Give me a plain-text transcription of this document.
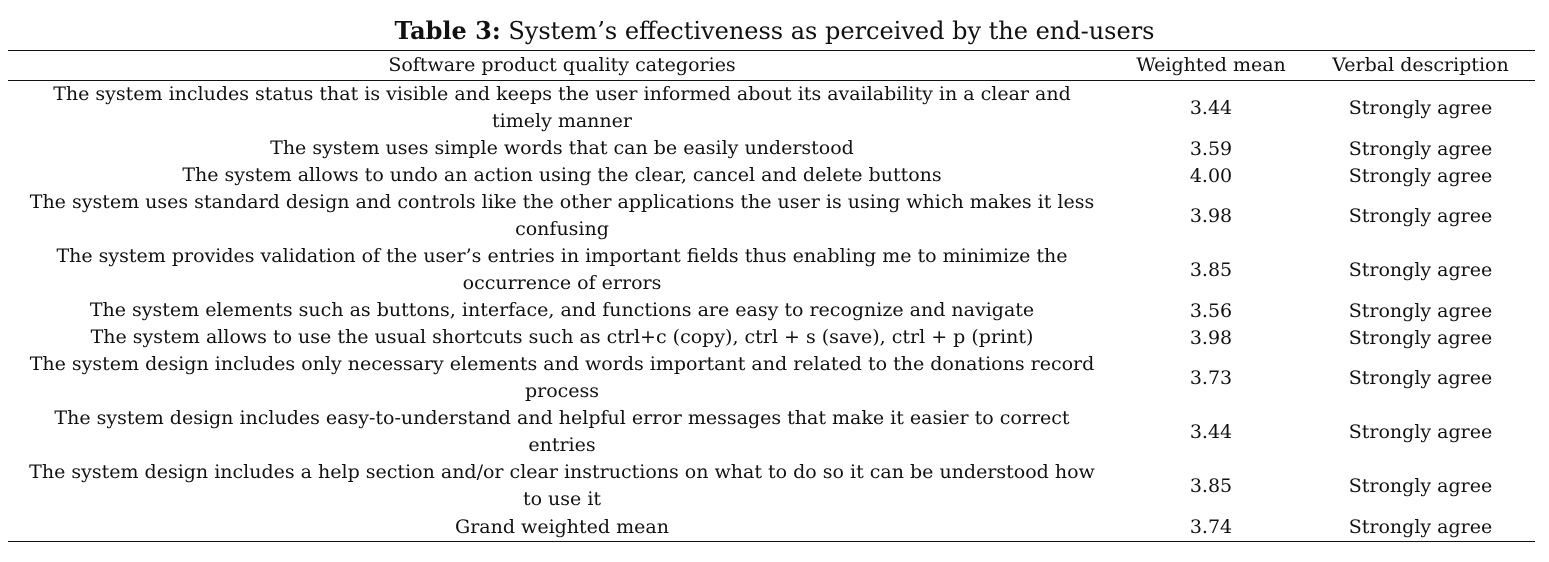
Table 3: System’s effectiveness as perceived by the end-users
Software product quality categories	Weighted mean	Verbal description
The system includes status that is visible and keeps the user informed about its availability in a clear and timely manner	3.44	Strongly agree
The system uses simple words that can be easily understood	3.59	Strongly agree
The system allows to undo an action using the clear, cancel and delete buttons	4.00	Strongly agree
The system uses standard design and controls like the other applications the user is using which makes it less confusing	3.98	Strongly agree
The system provides validation of the user’s entries in important fields thus enabling me to minimize the occurrence of errors	3.85	Strongly agree
The system elements such as buttons, interface, and functions are easy to recognize and navigate	3.56	Strongly agree
The system allows to use the usual shortcuts such as ctrl+c (copy), ctrl + s (save), ctrl + p (print)	3.98	Strongly agree
The system design includes only necessary elements and words important and related to the donations record process	3.73	Strongly agree
The system design includes easy-to-understand and helpful error messages that make it easier to correct entries	3.44	Strongly agree
The system design includes a help section and/or clear instructions on what to do so it can be understood how to use it	3.85	Strongly agree
Grand weighted mean	3.74	Strongly agree
